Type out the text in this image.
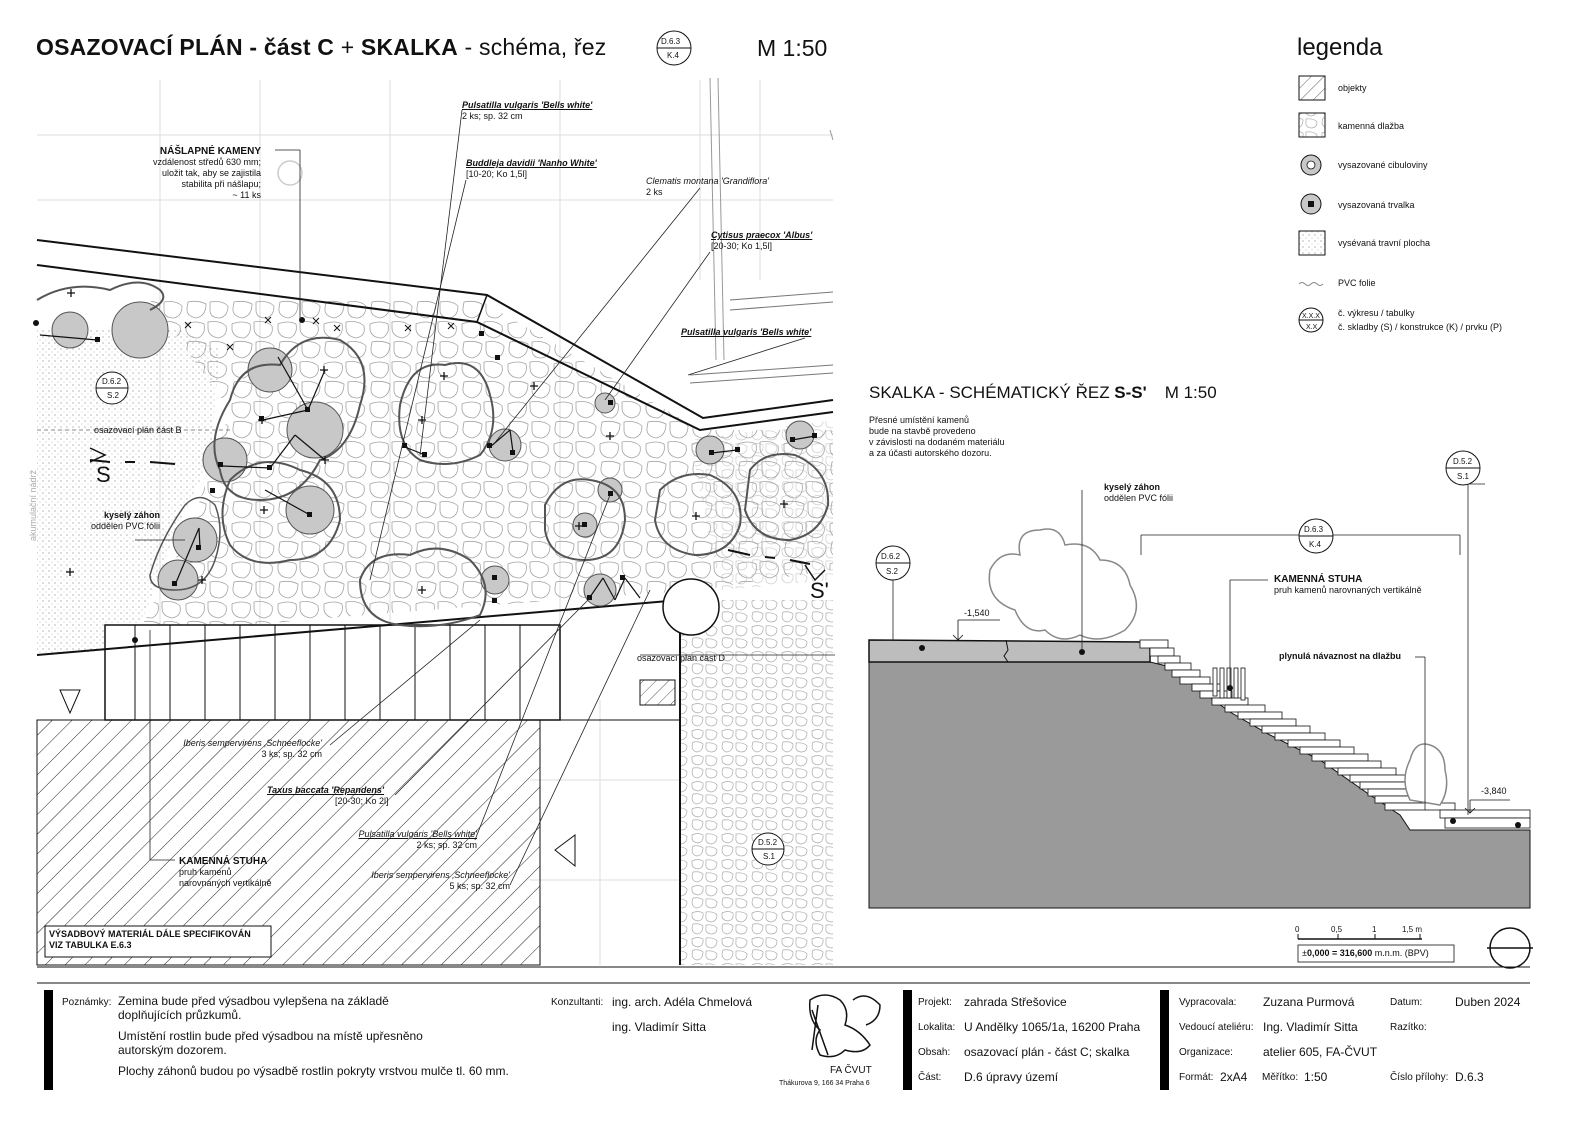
OSAZOVACÍ PLÁN - část C + SKALKA - schéma, řez	D.6.3
K.4	M 1:50	legenda
objekty
kamenná dlažba
vysazované cibuloviny
vysazovaná trvalka
vysévaná travní plocha
PVC folie
č. výkresu / tabulky
č. skladby (S) / konstrukce (K) / prvku (P)
X.X.X
X.X
NÁŠLAPNÉ KAMENY
vzdálenost středů 630 mm;
uložit tak, aby se zajistila
stabilita při nášlapu;
~ 11 ks
Pulsatilla vulgaris 'Bells white'
2 ks; sp. 32 cm
Buddleja davidii 'Nanho White'
[10-20; Ko 1,5l]
Clematis montana 'Grandiflora'
2 ks
Cytisus praecox 'Albus'
[20-30; Ko 1,5l]
Pulsatilla vulgaris 'Bells white'
Iberis sempervirens ‚Schneeflocke'
3 ks; sp. 32 cm
Taxus baccata 'Repandens'
[20-30; Ko 2l]
Pulsatilla vulgaris 'Bells white'
2 ks; sp. 32 cm
Iberis sempervirens ‚Schneeflocke'
5 ks; sp. 32 cm
osazovací plán část B
osazovací plán část D
kyselý záhon
oddělen PVC fólii
akumulační nádrž
KAMENNÁ STUHA
pruh kamenů
narovnaných vertikálně
S
S'
D.6.2
S.2
D.5.2
S.1
VÝSADBOVÝ MATERIÁL DÁLE SPECIFIKOVÁN
VIZ TABULKA E.6.3
SKALKA - SCHÉMATICKÝ ŘEZ S-S' M 1:50
Přesné umístění kamenů
bude na stavbě provedeno
v závislosti na dodaném materiálu
a za účasti autorského dozoru.
kyselý záhon
oddělen PVC fólii
KAMENNÁ STUHA
pruh kamenů narovnaných vertikálně
plynulá návaznost na dlažbu
-1,540
-3,840
D.5.2
S.1
D.6.3
K.4
D.6.2
S.2
0	0,5	1	1,5 m
±0,000 = 316,600 m.n.m. (BPV)
Poznámky: Zemina bude před výsadbou vylepšena na základě
doplňujících průzkumů.
Umístění rostlin bude před výsadbou na místě upřesněno
autorským dozorem.
Plochy záhonů budou po výsadbě rostlin pokryty vrstvou mulče tl. 60 mm.
Konzultanti: ing. arch. Adéla Chmelová
ing. Vladimír Sitta
FA ČVUT
Thákurova 9, 166 34 Praha 6
Projekt: zahrada Střešovice
Lokalita: U Andělky 1065/1a, 16200 Praha
Obsah: osazovací plán - část C; skalka
Část: D.6 úpravy území
Vypracovala: Zuzana Purmová
Vedoucí ateliéru: Ing. Vladimír Sitta
Organizace:	atelier 605, FA-ČVUT
Formát: 2xA4 Měřítko: 1:50
Datum:	Duben 2024
Razítko:
Číslo přílohy: D.6.3
